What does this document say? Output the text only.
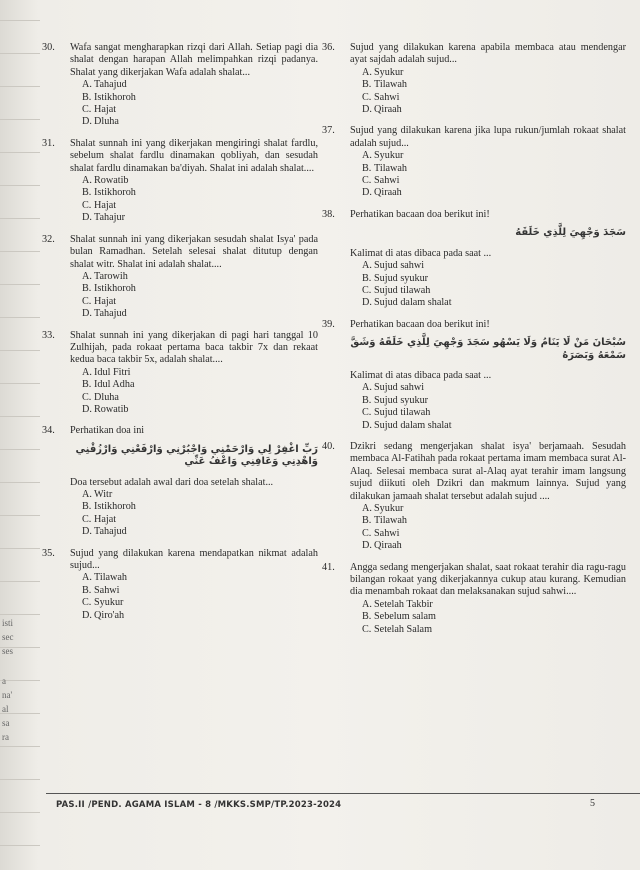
30. Wafa sangat mengharapkan rizqi dari Allah. Setiap pagi dia shalat dengan harapan Allah melimpahkan rizqi padanya. Shalat yang dikerjakan Wafa adalah shalat...

A. Tahajud
B. Istikhoroh
C. Hajat
D. Dluha

31. Shalat sunnah ini yang dikerjakan mengiringi shalat fardlu, sebelum shalat fardlu dinamakan qobliyah, dan sesudah shalat fardlu dinamakan ba'diyah. Shalat ini adalah shalat....

A. Rowatib
B. Istikhoroh
C. Hajat
D. Tahajur

32. Shalat sunnah ini yang dikerjakan sesudah shalat Isya' pada bulan Ramadhan. Setelah selesai shalat ditutup dengan shalat witr. Shalat ini adalah shalat....

A. Tarowih
B. Istikhoroh
C. Hajat
D. Tahajud

33. Shalat sunnah ini yang dikerjakan di pagi hari tanggal 10 Zulhijah, pada rokaat pertama baca takbir 7x dan rekaat kedua baca takbir 5x, adalah shalat....

A. Idul Fitri
B. Idul Adha
C. Dluha
D. Rowatib

34. Perhatikan doa ini

رَبِّ اغْفِرْ لِي وَارْحَمْنِي وَاجْبُرْنِي وَارْفَعْنِي وَارْزُقْنِي وَاهْدِنِي وَعَافِنِي وَاعْفُ عَنِّي

Doa tersebut adalah awal dari doa setelah shalat...

A. Witr
B. Istikhoroh
C. Hajat
D. Tahajud

35. Sujud yang dilakukan karena mendapatkan nikmat adalah sujud...

A. Tilawah
B. Sahwi
C. Syukur
D. Qiro'ah

36. Sujud yang dilakukan karena apabila membaca atau mendengar ayat sajdah adalah sujud...

A. Syukur
B. Tilawah
C. Sahwi
D. Qiraah

37. Sujud yang dilakukan karena jika lupa rukun/jumlah rokaat shalat adalah sujud...

A. Syukur
B. Tilawah
C. Sahwi
D. Qiraah

38. Perhatikan bacaan doa berikut ini!

سَجَدَ وَجْهِيَ لِلَّذِي خَلَقَهُ

Kalimat di atas dibaca pada saat ...

A. Sujud sahwi
B. Sujud syukur
C. Sujud tilawah
D. Sujud dalam shalat

39. Perhatikan bacaan doa berikut ini!

سُبْحَانَ مَنْ لَا يَنَامُ وَلَا يَسْهُو سَجَدَ وَجْهِيَ لِلَّذِي خَلَقَهُ وَشَقَّ سَمْعَهُ وَبَصَرَهُ

Kalimat di atas dibaca pada saat ...

A. Sujud sahwi
B. Sujud syukur
C. Sujud tilawah
D. Sujud dalam shalat

40. Dzikri sedang mengerjakan shalat isya' berjamaah. Sesudah membaca Al-Fatihah pada rokaat pertama imam membaca surat Al-Alaq. Selesai membaca surat al-Alaq ayat terahir imam langsung sujud diikuti oleh Dzikri dan makmum lainnya. Sujud yang dilakukan jamaah shalat tersebut adalah sujud ....

A. Syukur
B. Tilawah
C. Sahwi
D. Qiraah

41. Angga sedang mengerjakan shalat, saat rokaat terahir dia ragu-ragu bilangan rokaat yang dikerjakannya cukup atau kurang. Kemudian dia menambah rokaat dan melaksanakan sujud sahwi....

A. Setelah Takbir
B. Sebelum salam
C. Setelah Salam
PAS.II /PEND. AGAMA ISLAM - 8 /MKKS.SMP/TP.2023-2024	5
isti
sec
ses
a
na'
al
sa
ra
